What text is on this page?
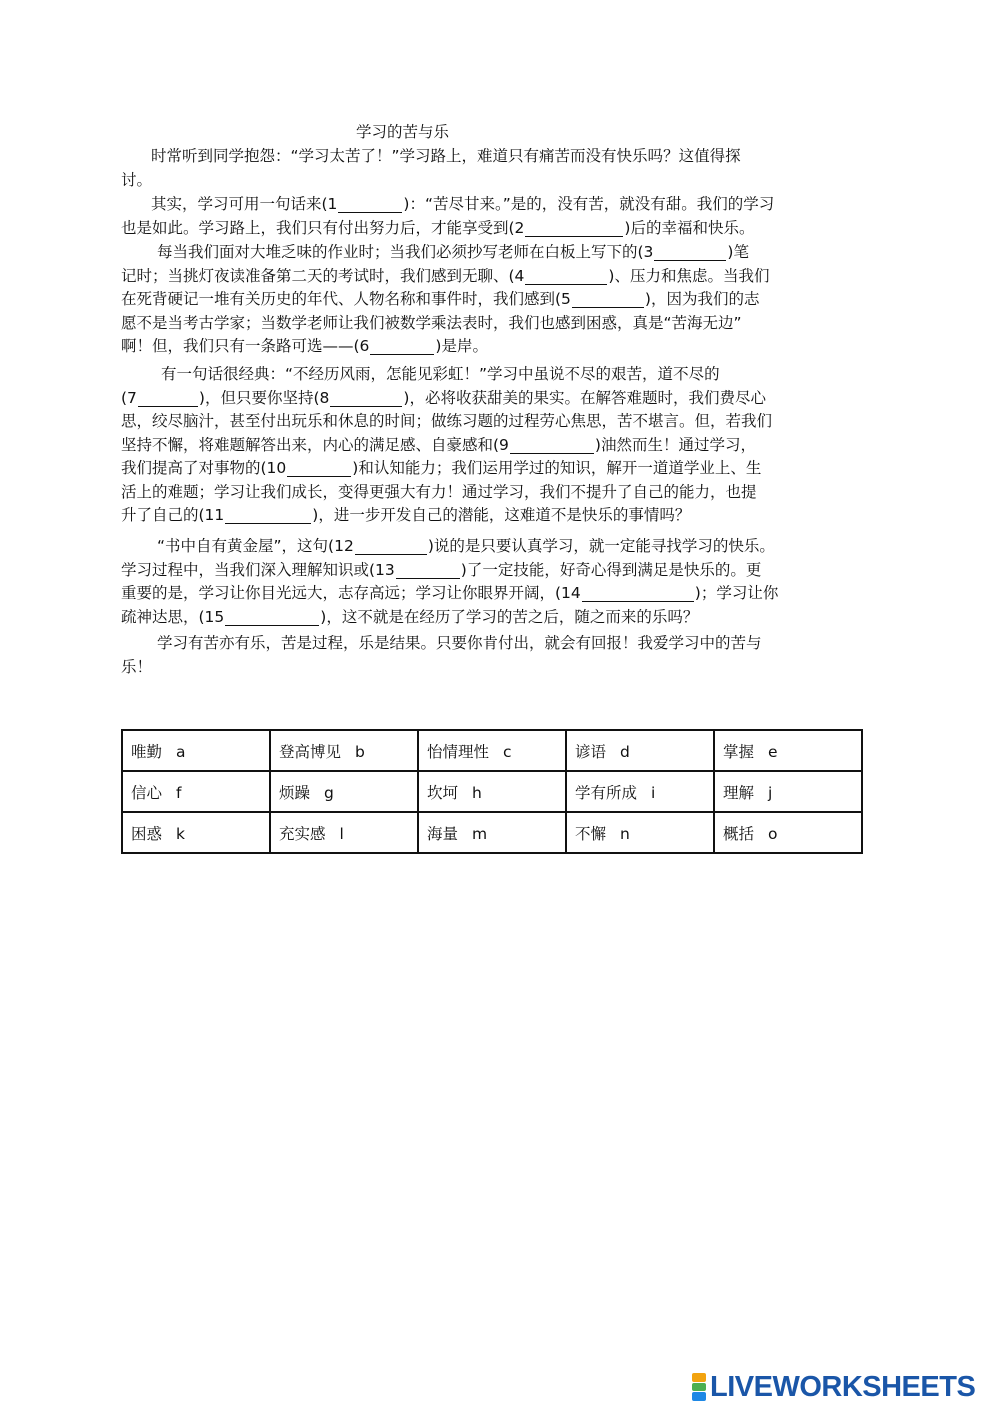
学习的苦与乐
时常听到同学抱怨：“学习太苦了！”学习路上，难道只有痛苦而没有快乐吗？这值得探
讨。
其实，学习可用一句话来(1	)：“苦尽甘来。”是的，没有苦，就没有甜。我们的学习
也是如此。学习路上，我们只有付出努力后，才能享受到(2	)后的幸福和快乐。
每当我们面对大堆乏味的作业时；当我们必须抄写老师在白板上写下的(3	)笔
记时；当挑灯夜读准备第二天的考试时，我们感到无聊、(4	)、压力和焦虑。当我们
在死背硬记一堆有关历史的年代、人物名称和事件时，我们感到(5	)，因为我们的志
愿不是当考古学家；当数学老师让我们被数学乘法表时，我们也感到困惑，真是“苦海无边”
啊！但，我们只有一条路可选——(6	)是岸。
有一句话很经典：“不经历风雨，怎能见彩虹！”学习中虽说不尽的艰苦，道不尽的
(7	)，但只要你坚持(8	)，必将收获甜美的果实。在解答难题时，我们费尽心
思，绞尽脑汁，甚至付出玩乐和休息的时间；做练习题的过程劳心焦思，苦不堪言。但，若我们
坚持不懈，将难题解答出来，内心的满足感、自豪感和(9	)油然而生！通过学习，
我们提高了对事物的(10	)和认知能力；我们运用学过的知识，解开一道道学业上、生
活上的难题；学习让我们成长，变得更强大有力！通过学习，我们不提升了自己的能力，也提
升了自己的(11	)，进一步开发自己的潜能，这难道不是快乐的事情吗？
“书中自有黄金屋”，这句(12	)说的是只要认真学习，就一定能寻找学习的快乐。
学习过程中，当我们深入理解知识或(13	)了一定技能，好奇心得到满足是快乐的。更
重要的是，学习让你目光远大，志存高远；学习让你眼界开阔，(14	)；学习让你
疏神达思，(15	)，这不就是在经历了学习的苦之后，随之而来的乐吗？
学习有苦亦有乐，苦是过程，乐是结果。只要你肯付出，就会有回报！我爱学习中的苦与
乐！
唯勤 a	登高博见 b	怡情理性 c	谚语 d	掌握 e
信心 f	烦躁 g	坎坷 h	学有所成 i	理解 j
困惑 k	充实感 l	海量 m	不懈 n	概括 o
LIVEWORKSHEETS
